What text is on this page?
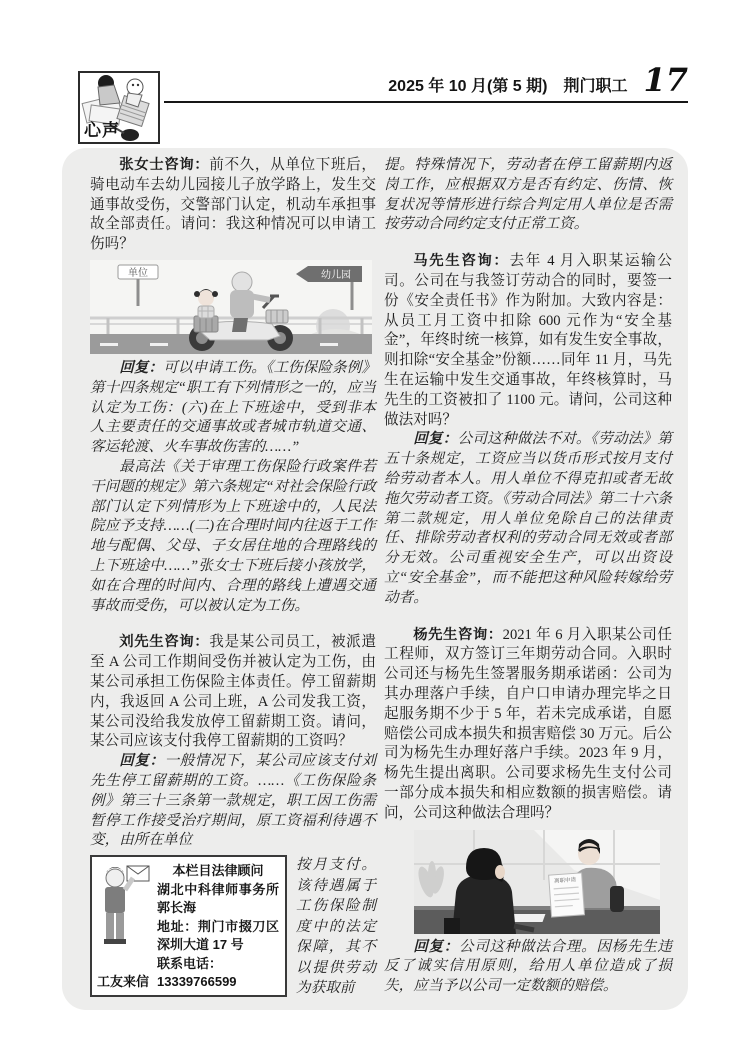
心声
2025 年 10 月(第 5 期) 荆门职工 17

张女士咨询：前不久，从单位下班后，骑电动车去幼儿园接儿子放学路上，发生交通事故受伤，交警部门认定，机动车承担事故全部责任。请问：我这种情况可以申请工伤吗？

单位	幼儿园

回复：可以申请工伤。《工伤保险条例》第十四条规定“职工有下列情形之一的，应当认定为工伤：(六)在上下班途中，受到非本人主要责任的交通事故或者城市轨道交通、客运轮渡、火车事故伤害的……”

最高法《关于审理工伤保险行政案件若干问题的规定》第六条规定“对社会保险行政部门认定下列情形为上下班途中的，人民法院应予支持……(二)在合理时间内往返于工作地与配偶、父母、子女居住地的合理路线的上下班途中……”张女士下班后接小孩放学，如在合理的时间内、合理的路线上遭遇交通事故而受伤，可以被认定为工伤。

刘先生咨询：我是某公司员工，被派遣至 A 公司工作期间受伤并被认定为工伤，由某公司承担工伤保险主体责任。停工留薪期内，我返回 A 公司上班，A 公司发我工资，某公司没给我发放停工留薪期工资。请问，某公司应该支付我停工留薪期的工资吗？

回复：一般情况下，某公司应该支付刘先生停工留薪期的工资。……《工伤保险条例》第三十三条第一款规定，职工因工伤需暂停工作接受治疗期间，原工资福利待遇不变，由所在单位

工友来信

本栏目法律顾问

湖北中科律师事务所　郭长海

地址：荆门市掇刀区深圳大道 17 号

联系电话：

13339766599

按月支付。该待遇属于工伤保险制度中的法定保障，其不以提供劳动为获取前

提。特殊情况下，劳动者在停工留薪期内返岗工作，应根据双方是否有约定、伤情、恢复状况等情形进行综合判定用人单位是否需按劳动合同约定支付正常工资。

马先生咨询：去年 4 月入职某运输公司。公司在与我签订劳动合的同时，要签一份《安全责任书》作为附加。大致内容是：从员工月工资中扣除 600 元作为“安全基金”，年终时统一核算，如有发生安全事故，则扣除“安全基金”份额……同年 11 月，马先生在运输中发生交通事故，年终核算时，马先生的工资被扣了 1100 元。请问，公司这种做法对吗？

回复：公司这种做法不对。《劳动法》第五十条规定，工资应当以货币形式按月支付给劳动者本人。用人单位不得克扣或者无故拖欠劳动者工资。《劳动合同法》第二十六条第二款规定，用人单位免除自己的法律责任、排除劳动者权利的劳动合同无效或者部分无效。公司重视安全生产，可以出资设立“安全基金”，而不能把这种风险转嫁给劳动者。

杨先生咨询：2021 年 6 月入职某公司任工程师，双方签订三年期劳动合同。入职时公司还与杨先生签署服务期承诺函：公司为其办理落户手续，自户口申请办理完毕之日起服务期不少于 5 年，若未完成承诺，自愿赔偿公司成本损失和损害赔偿 30 万元。后公司为杨先生办理好落户手续。2023 年 9 月，杨先生提出离职。公司要求杨先生支付公司一部分成本损失和相应数额的损害赔偿。请问，公司这种做法合理吗？

离职申请

回复：公司这种做法合理。因杨先生违反了诚实信用原则，给用人单位造成了损失，应当予以公司一定数额的赔偿。
